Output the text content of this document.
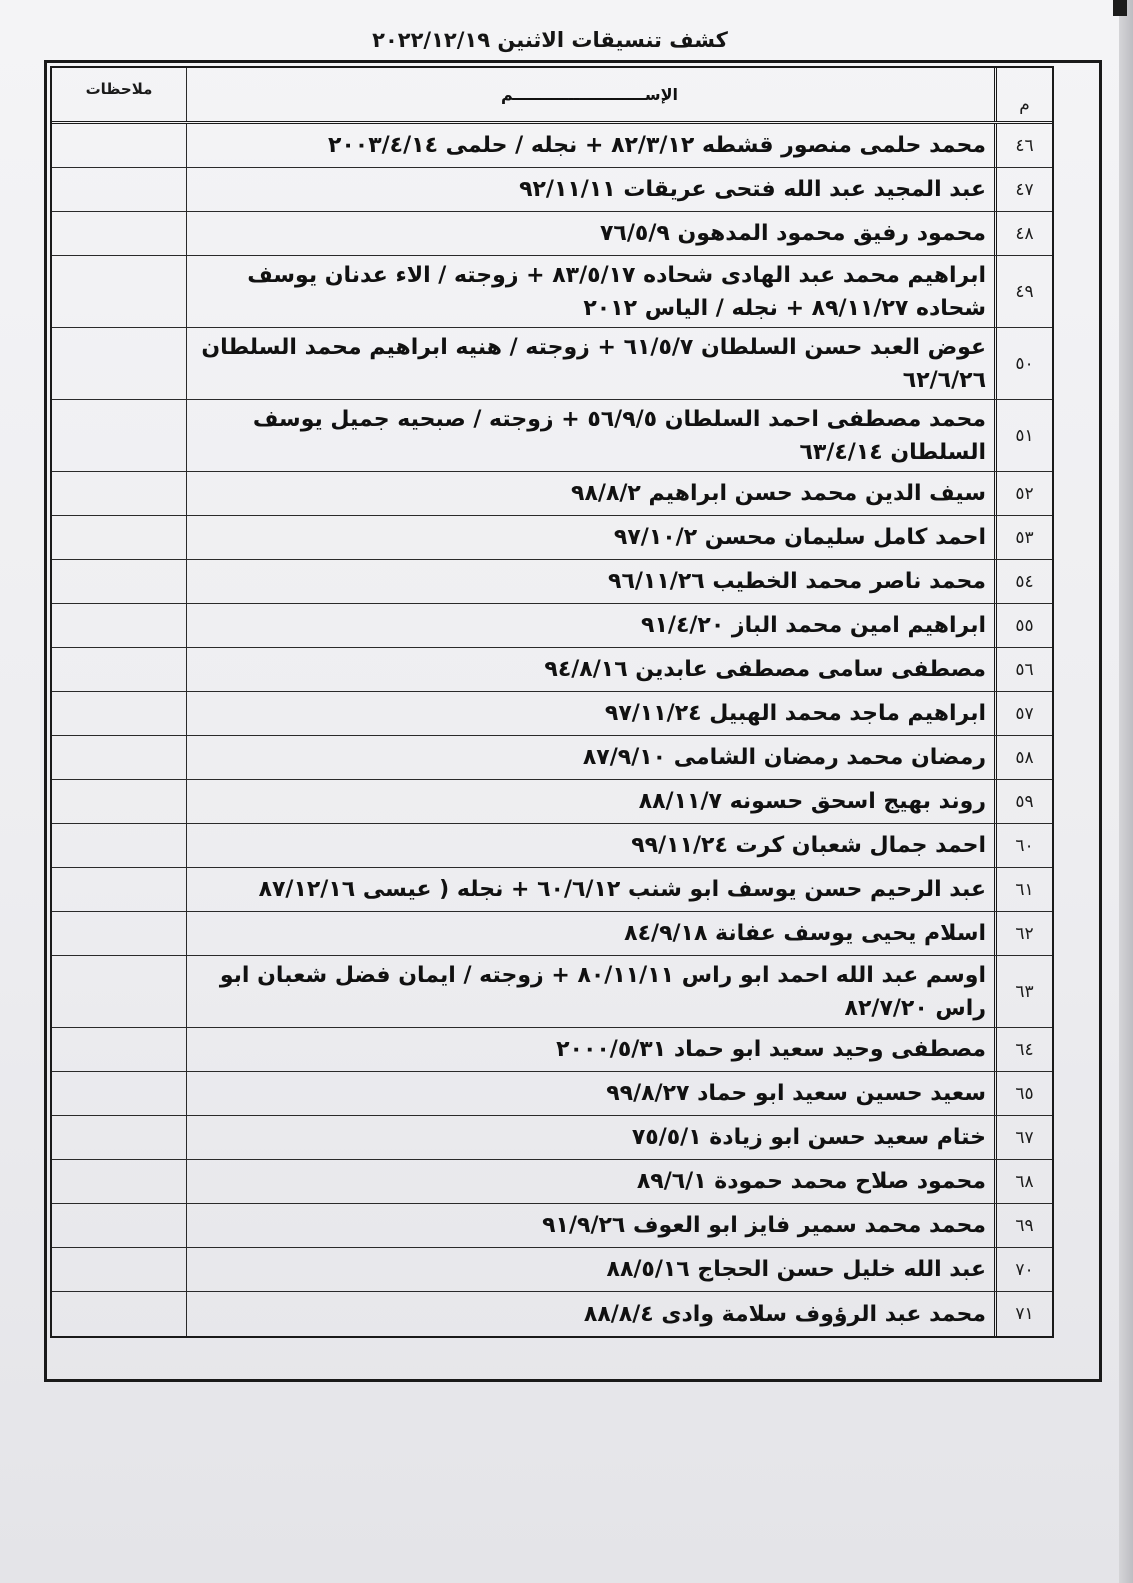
كشف تنسيقات الاثنين ٢٠٢٢/١٢/١٩
م
الإســــــــــــــــــــــــم
ملاحظات
٤٦
محمد حلمى منصور قشطه ٨٢/٣/١٢ + نجله / حلمى ٢٠٠٣/٤/١٤
٤٧
عبد المجيد عبد الله فتحى عريقات ٩٢/١١/١١
٤٨
محمود رفيق محمود المدهون ٧٦/٥/٩
٤٩
ابراهيم محمد عبد الهادى شحاده ٨٣/٥/١٧ + زوجته / الاء عدنان يوسف شحاده ٨٩/١١/٢٧ + نجله / الياس ٢٠١٢
٥٠
عوض العبد حسن السلطان ٦١/٥/٧ + زوجته / هنيه ابراهيم محمد السلطان ٦٢/٦/٢٦
٥١
محمد مصطفى احمد السلطان ٥٦/٩/٥ + زوجته / صبحيه جميل يوسف السلطان ٦٣/٤/١٤
٥٢
سيف الدين محمد حسن ابراهيم ٩٨/٨/٢
٥٣
احمد كامل سليمان محسن ٩٧/١٠/٢
٥٤
محمد ناصر محمد الخطيب ٩٦/١١/٢٦
٥٥
ابراهيم امين محمد الباز ٩١/٤/٢٠
٥٦
مصطفى سامى مصطفى عابدين ٩٤/٨/١٦
٥٧
ابراهيم ماجد محمد الهبيل ٩٧/١١/٢٤
٥٨
رمضان محمد رمضان الشامى ٨٧/٩/١٠
٥٩
روند بهيج اسحق حسونه ٨٨/١١/٧
٦٠
احمد جمال شعبان كرت ٩٩/١١/٢٤
٦١
عبد الرحيم حسن يوسف ابو شنب ٦٠/٦/١٢ + نجله ( عيسى ٨٧/١٢/١٦
٦٢
اسلام يحيى يوسف عفانة ٨٤/٩/١٨
٦٣
اوسم عبد الله احمد ابو راس ٨٠/١١/١١ + زوجته / ايمان فضل شعبان ابو راس ٨٢/٧/٢٠
٦٤
مصطفى وحيد سعيد ابو حماد ٢٠٠٠/٥/٣١
٦٥
سعيد حسين سعيد ابو حماد ٩٩/٨/٢٧
٦٧
ختام سعيد حسن ابو زيادة ٧٥/٥/١
٦٨
محمود صلاح محمد حمودة ٨٩/٦/١
٦٩
محمد محمد سمير فايز ابو العوف ٩١/٩/٢٦
٧٠
عبد الله خليل حسن الحجاج ٨٨/٥/١٦
٧١
محمد عبد الرؤوف سلامة وادى ٨٨/٨/٤
